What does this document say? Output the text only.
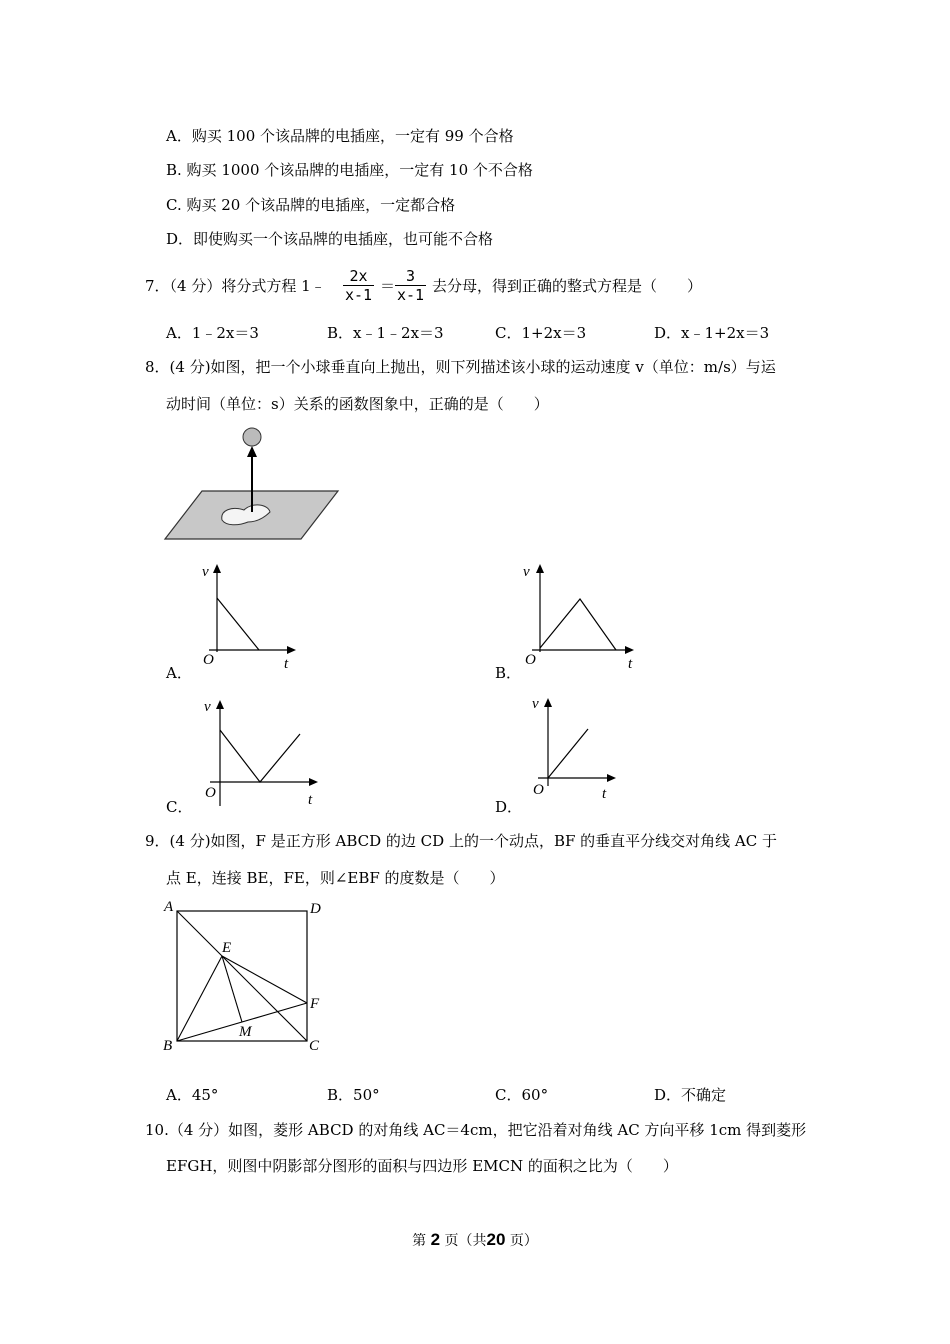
A．购买 100 个该品牌的电插座，一定有 99 个合格
B. 购买 1000 个该品牌的电插座，一定有 10 个不合格
C. 购买 20 个该品牌的电插座，一定都合格
D．即使购买一个该品牌的电插座，也可能不合格
7．（4 分）将分式方程 1﹣ $\frac{2x}{x-1} = \frac{3}{x-1}$ 去分母，得到正确的整式方程是（　　）
A．1﹣2x＝3	B．x﹣1﹣2x＝3	C．1+2x＝3	D．x﹣1+2x＝3
8．(4 分)如图，把一个小球垂直向上抛出，则下列描述该小球的运动速度 v（单位：m/s）与运
动时间（单位：s）关系的函数图象中，正确的是（　　）
v
O	t
A．
v
O	t
B．
v
O	t
C．
v
O	t
D．
9．(4 分)如图，F 是正方形 ABCD 的边 CD 上的一个动点，BF 的垂直平分线交对角线 AC 于
点 E，连接 BE，FE，则∠EBF 的度数是（　　）
A	D
B	C
E
F
M
A．45°	B．50°	C．60°	D．不确定
10.（4 分）如图，菱形 ABCD 的对角线 AC＝4cm，把它沿着对角线 AC 方向平移 1cm 得到菱形
EFGH，则图中阴影部分图形的面积与四边形 EMCN 的面积之比为（　　）
第 2 页（共20 页）
